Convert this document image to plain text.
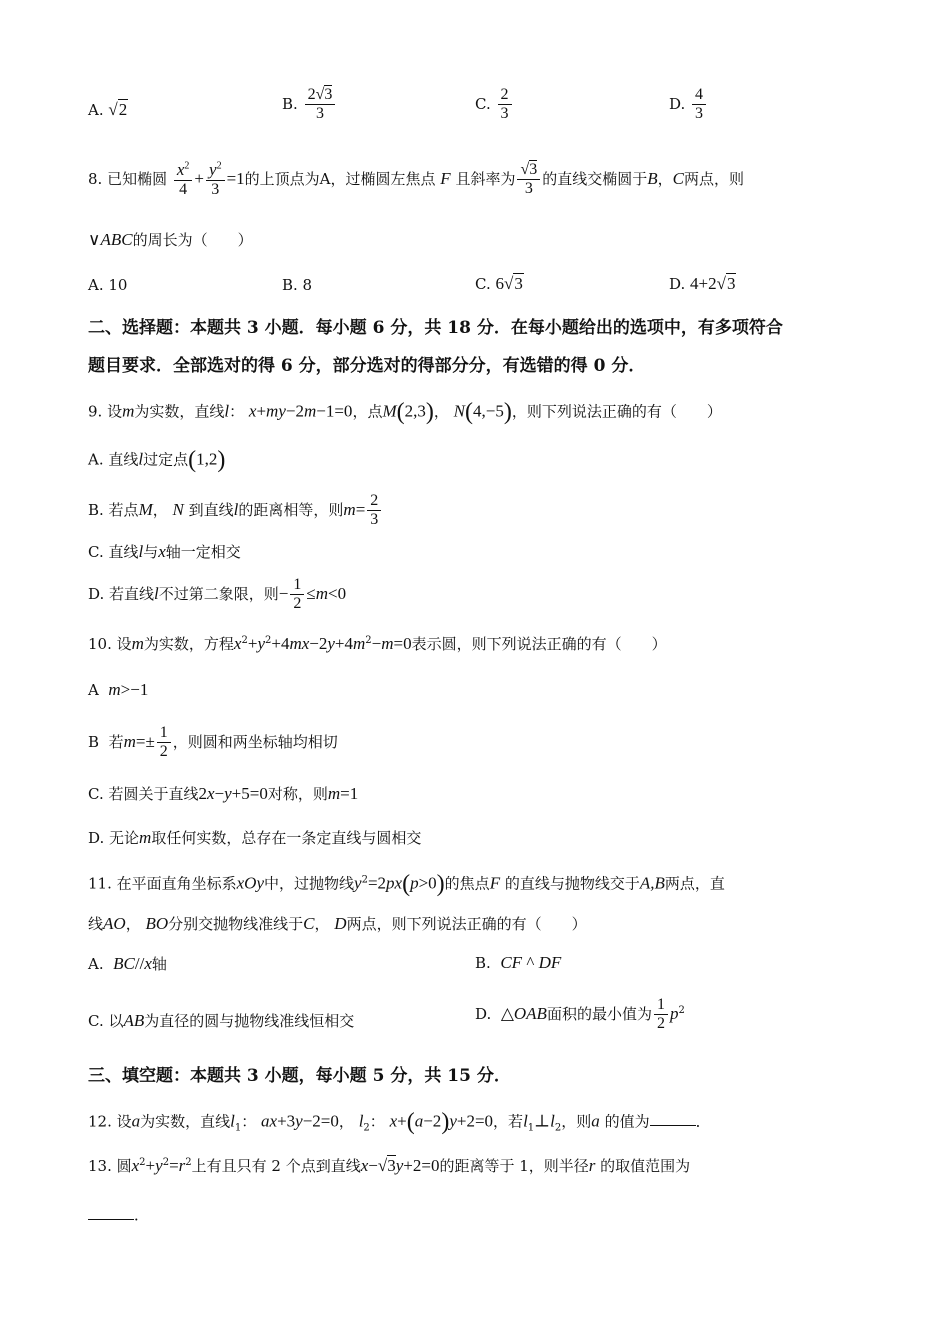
A. √2	B. $\frac{2√3}{3}$	C. $\frac{2}{3}$	D. $\frac{4}{3}$
8. 已知椭圆 $\frac{x^2}{4} + \frac{y^2}{3} =1$的上顶点为A，过椭圆左焦点 F 且斜率为 $\frac{√3}{3}$ 的直线交椭圆于B，C两点，则
∨ABC的周长为（　　）
A. 10	B. 8	C. 6√3	D. 4+2√3
二、选择题：本题共 3 小题．每小题 6 分，共 18 分．在每小题给出的选项中，有多项符合
题目要求．全部选对的得 6 分，部分选对的得部分分，有选错的得 0 分．
9. 设m为实数，直线l： x+my−2m−1=0，点M(2,3)， N(4,−5)，则下列说法正确的有（　　）
A. 直线l过定点(1,2)
B. 若点M， N 到直线l的距离相等，则$m= \frac{2}{3}$
C. 直线l与x轴一定相交
D. 若直线l不过第二象限，则− $\frac{1}{2} \le m<0$
10. 设m为实数，方程$x^2+y^2+4mx-2y+4m^2-m=0$表示圆，则下列说法正确的有（　　）
A m>−1
B 若$m=\pm \frac{1}{2}$ ，则圆和两坐标轴均相切
C. 若圆关于直线2x−y+5=0对称，则m=1
D. 无论m取任何实数，总存在一条定直线与圆相交
11. 在平面直角坐标系xOy中，过抛物线$y^2=2px(p>0)$的焦点F 的直线与抛物线交于A,B两点，直
线AO， BO分别交抛物线准线于C， D两点，则下列说法正确的有（　　）
A. BC//x轴	B. CF ^ DF
C. 以AB为直径的圆与抛物线准线恒相交	D. △OAB面积的最小值为 $\frac{1}{2} p^2$
三、填空题：本题共 3 小题，每小题 5 分，共 15 分．
12. 设a为实数，直线$l_1$： ax+3y−2=0， $l_2$： x+(a−2)y+2=0，若$l_1\perp l_2$，则a 的值为	．
13. 圆$x^2+y^2=r^2$上有且只有 2 个点到直线x−√3y+2=0的距离等于 1，则半径r 的取值范围为
．
